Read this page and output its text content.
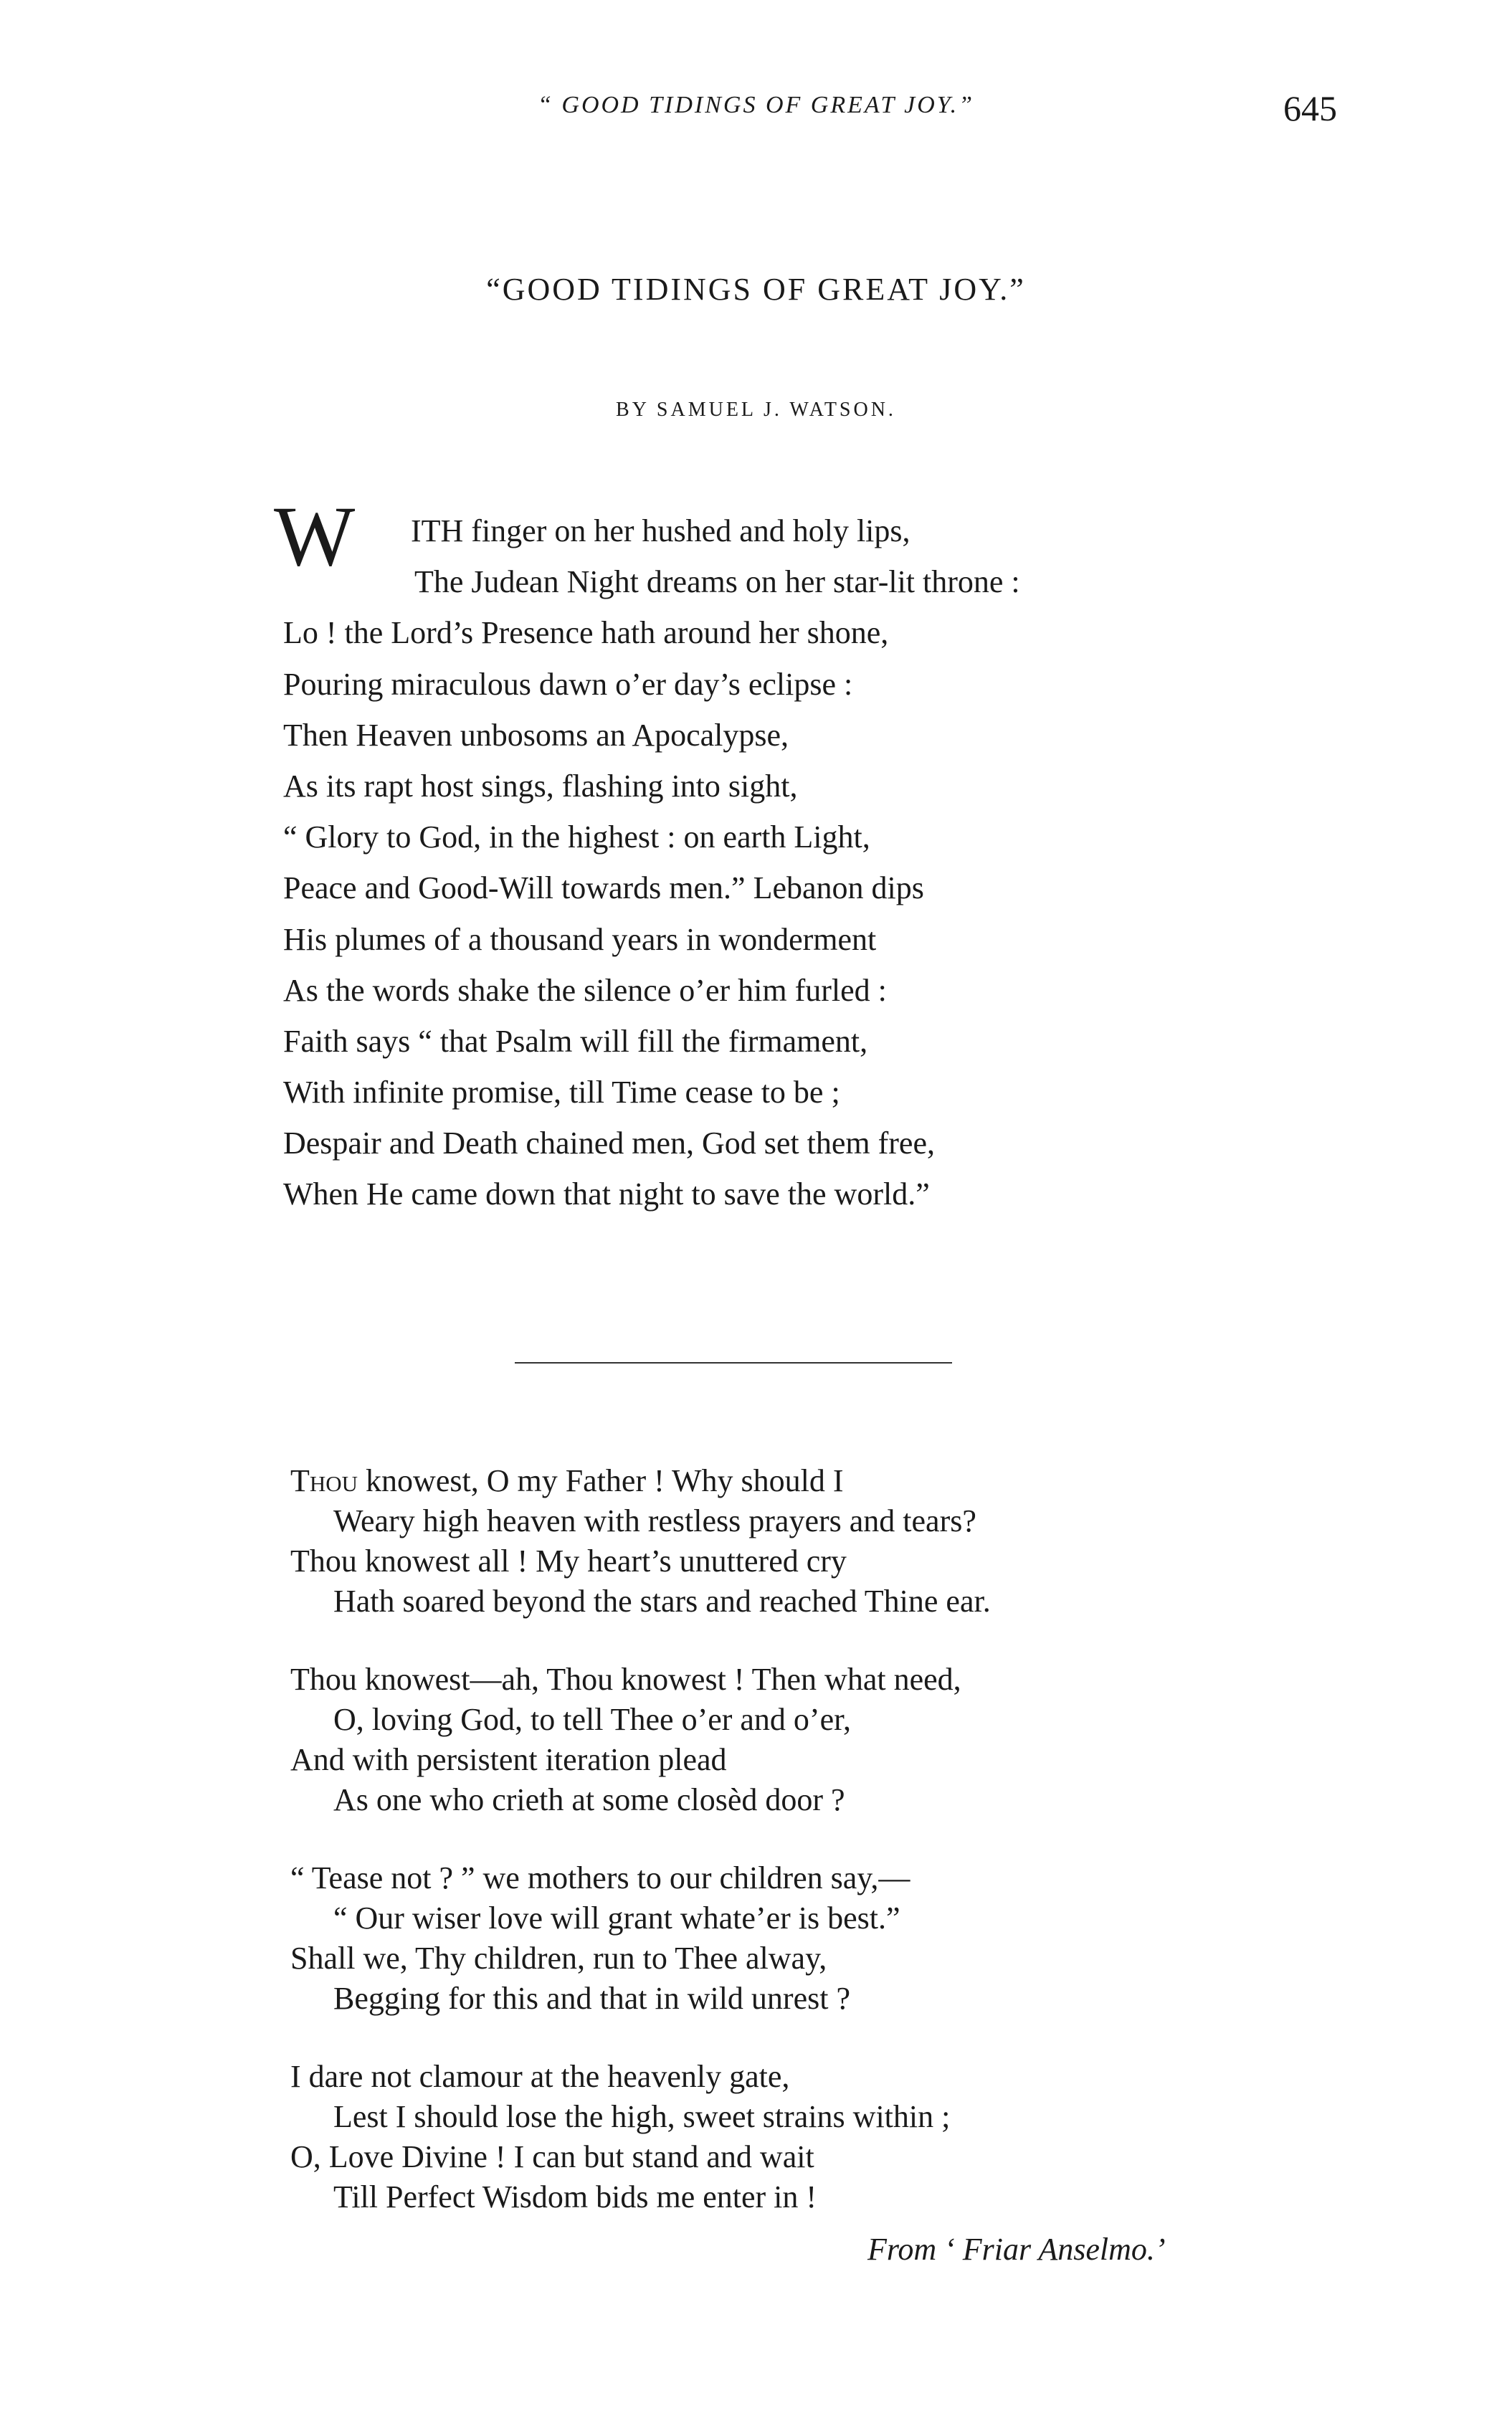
“ GOOD TIDINGS OF GREAT JOY.”	645
“GOOD TIDINGS OF GREAT JOY.”
BY SAMUEL J. WATSON.
W	ITH finger on her hushed and holy lips,
The Judean Night dreams on her star-lit throne :
Lo ! the Lord’s Presence hath around her shone,
Pouring miraculous dawn o’er day’s eclipse :
Then Heaven unbosoms an Apocalypse,
As its rapt host sings, flashing into sight,
“ Glory to God, in the highest : on earth Light,
Peace and Good-Will towards men.” Lebanon dips
His plumes of a thousand years in wonderment
As the words shake the silence o’er him furled :
Faith says “ that Psalm will fill the firmament,
With infinite promise, till Time cease to be ;
Despair and Death chained men, God set them free,
When He came down that night to save the world.”
Thou knowest, O my Father ! Why should I
Weary high heaven with restless prayers and tears?
Thou knowest all ! My heart’s unuttered cry
Hath soared beyond the stars and reached Thine ear.
Thou knowest—ah, Thou knowest ! Then what need,
O, loving God, to tell Thee o’er and o’er,
And with persistent iteration plead
As one who crieth at some closèd door ?
“ Tease not ? ” we mothers to our children say,—
“ Our wiser love will grant whate’er is best.”
Shall we, Thy children, run to Thee alway,
Begging for this and that in wild unrest ?
I dare not clamour at the heavenly gate,
Lest I should lose the high, sweet strains within ;
O, Love Divine ! I can but stand and wait
Till Perfect Wisdom bids me enter in !
From ‘ Friar Anselmo.’
